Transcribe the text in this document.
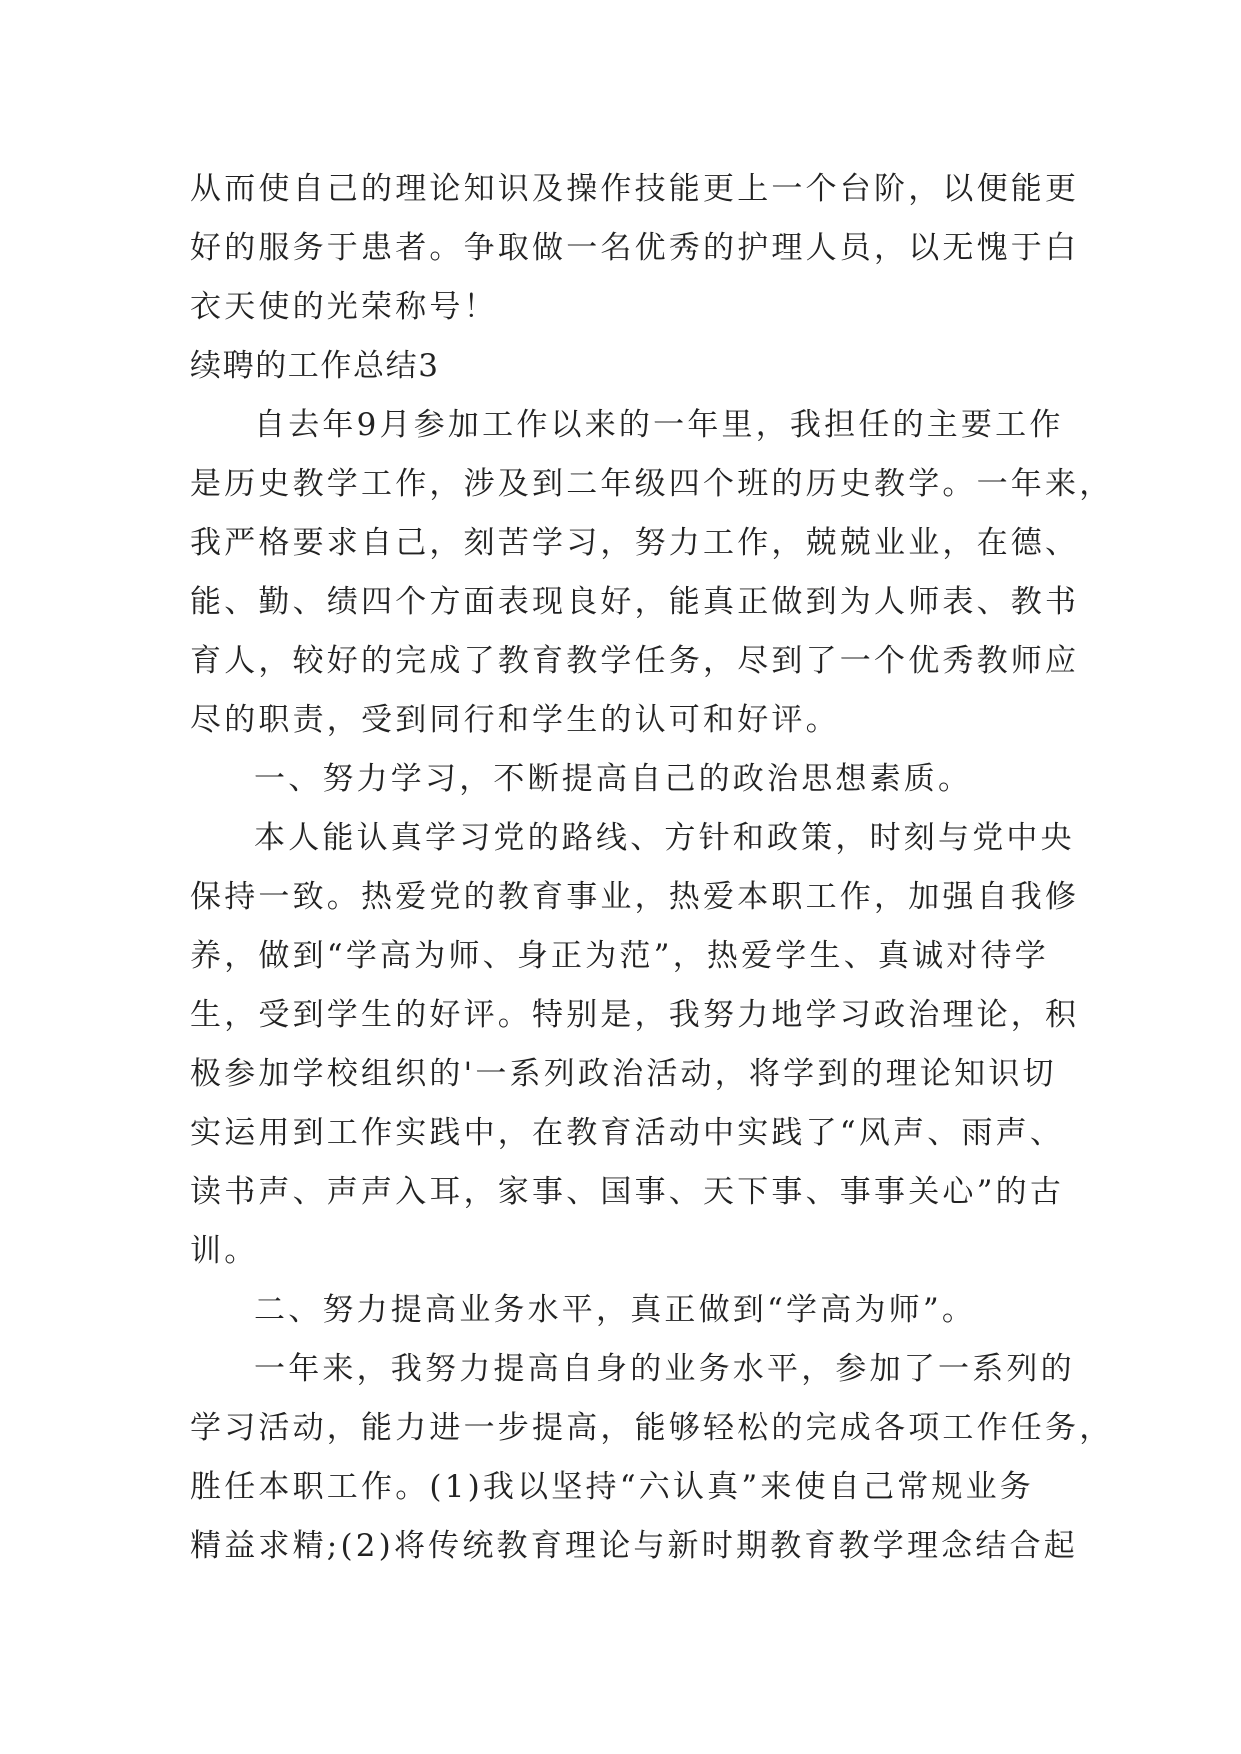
从而使自己的理论知识及操作技能更上一个台阶，以便能更
好的服务于患者。争取做一名优秀的护理人员，以无愧于白
衣天使的光荣称号！
续聘的工作总结3
自去年9月参加工作以来的一年里，我担任的主要工作
是历史教学工作，涉及到二年级四个班的历史教学。一年来，
我严格要求自己，刻苦学习，努力工作，兢兢业业，在德、
能、勤、绩四个方面表现良好，能真正做到为人师表、教书
育人，较好的完成了教育教学任务，尽到了一个优秀教师应
尽的职责，受到同行和学生的认可和好评。
一、努力学习，不断提高自己的政治思想素质。
本人能认真学习党的路线、方针和政策，时刻与党中央
保持一致。热爱党的教育事业，热爱本职工作，加强自我修
养，做到“学高为师、身正为范”，热爱学生、真诚对待学
生，受到学生的好评。特别是，我努力地学习政治理论，积
极参加学校组织的'一系列政治活动，将学到的理论知识切
实运用到工作实践中，在教育活动中实践了“风声、雨声、
读书声、声声入耳，家事、国事、天下事、事事关心”的古
训。
二、努力提高业务水平，真正做到“学高为师”。
一年来，我努力提高自身的业务水平，参加了一系列的
学习活动，能力进一步提高，能够轻松的完成各项工作任务，
胜任本职工作。(1)我以坚持“六认真”来使自己常规业务
精益求精;(2)将传统教育理论与新时期教育教学理念结合起
